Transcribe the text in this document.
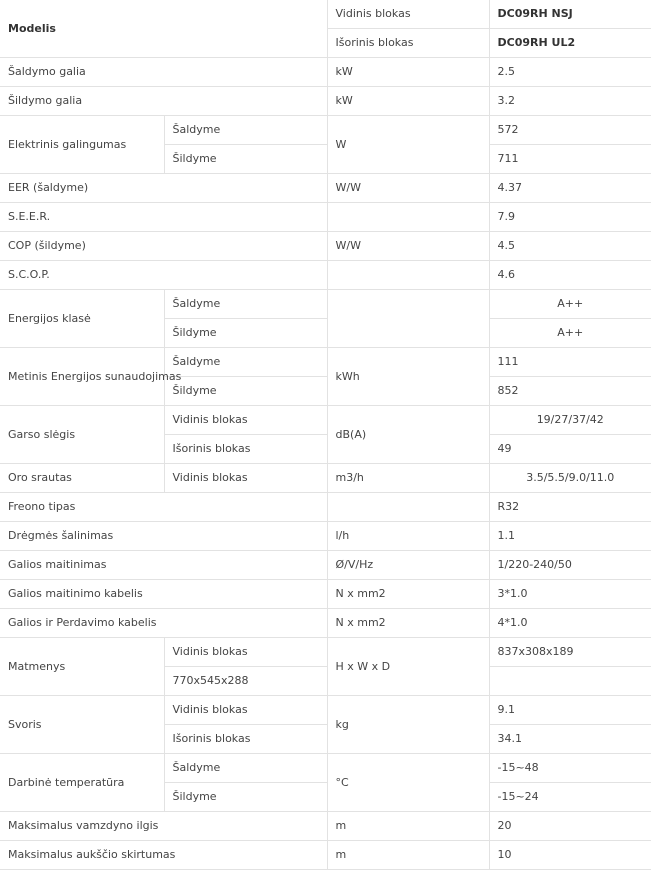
Modelis		Vidinis blokas	DC09RH NSJ
		Išorinis blokas	DC09RH UL2
Šaldymo galia		kW	2.5
Šildymo galia		kW	3.2
Elektrinis galingumas	Šaldyme	W	572
	Šildyme		711
EER (šaldyme)		W/W	4.37
S.E.E.R.			7.9
COP (šildyme)		W/W	4.5
S.C.O.P.			4.6
Energijos klasė	Šaldyme		A++
	Šildyme		A++
Metinis Energijos sunaudojimas	Šaldyme	kWh	111
	Šildyme		852
Garso slėgis	Vidinis blokas	dB(A)	19/27/37/42
	Išorinis blokas		49
Oro srautas	Vidinis blokas	m3/h	3.5/5.5/9.0/11.0
Freono tipas			R32
Drėgmės šalinimas		l/h	1.1
Galios maitinimas		Ø/V/Hz	1/220-240/50
Galios maitinimo kabelis		N x mm2	3*1.0
Galios ir Perdavimo kabelis		N x mm2	4*1.0
Matmenys	Vidinis blokas	H x W x D	837x308x189
	770x545x288		
Svoris	Vidinis blokas	kg	9.1
	Išorinis blokas		34.1
Darbinė temperatūra	Šaldyme	°C	-15~48
	Šildyme		-15~24
Maksimalus vamzdyno ilgis		m	20
Maksimalus aukščio skirtumas		m	10
